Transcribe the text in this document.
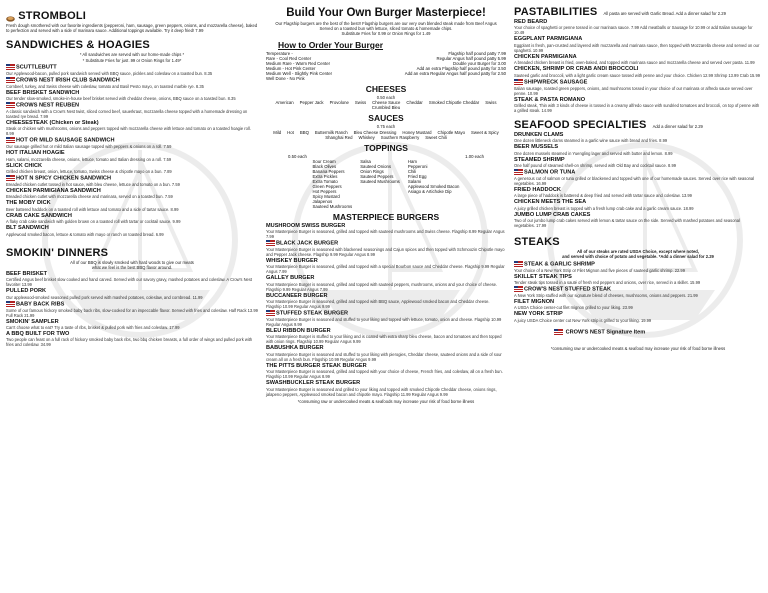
STROMBOLI
Fresh dough smothered with our favorite ingredients (pepperoni, ham, sausage, green peppers, onions, and mozzarella cheese), baked to perfection and served with a side of marinara sauce. Additional toppings available. Try it deep fried! 7.99
SANDWICHES & HOAGIES
* All sandwiches are served with our home-made chips *
* Substitute Fries for just .99 or Onion Rings for 1.49*
SCUTTLEBUTT
Our Applewood-bacon, pulled pork sandwich served with BBQ sauce, pickles and coleslaw on a toasted bun. 8.35
CROWS NEST IRISH CLUB SANDWICH
Cornbeef, turkey, and Swiss cheese with coleslaw, tomato and Basil Pesto mayo, on toasted marble rye. 8.35
BEEF BRISKET SANDWICH
Our tender slow-smoked, smoke-in-house beef brisket served with cheddar cheese, onions, BBQ sauce on a toasted bun. 8.35
CROWS NEST REUBEN
A classic sandwich with a Crow's Nest twist, sliced corned beef, sauerkraut, mozzarella cheese topped with a homemade dressing on toasted rye bread. 7.99
CHEESESTEAK (Chicken or Steak)
Steak or chicken with mushrooms, onions and peppers topped with mozzarella cheese with lettuce and tomato on a toasted hoagie roll. 8.99
HOT OR MILD SAUSAGE SANDWICH
Our sausage grilled hot or mild Italian sausage topped with peppers & onions on a roll. 7.59
HOT ITALIAN HOAGIE
Ham, salami, mozzarella cheese, onions, lettuce, tomato and Italian dressing on a roll. 7.59
SLICK CHICK
Grilled chicken breast, onion, lettuce, tomato, Swiss cheese & chipotle mayo on a bun. 7.89
HOT N SPICY CHICKEN SANDWICH
Breaded chicken cutlet tossed in hot sauce, with bleu cheese, lettuce and tomato on a bun. 7.59
CHICKEN PARMIGIANA SANDWICH
Breaded chicken cutlet with mozzarella cheese and marinara, served on a toasted bun. 7.59
THE MOBY DICK
Beer battered haddock on a toasted roll with lettuce and tomato and a side of tartar sauce. 8.99
CRAB CAKE SANDWICH
A flaky crab cake sandwich with golden brown on a toasted roll with tartar or cocktail sauce. 9.99
BLT SANDWICH
Applewood smoked bacon, lettuce & tomato with mayo or ranch on toasted bread. 6.99
SMOKIN' DINNERS
All of our BBQ is slowly smoked with hard woods to give our meats
what we feel is the best BBQ flavor around.
BEEF BRISKET
Certified Angus beef brisket slow cooked and hand carved. Served with our savory gravy, mashed potatoes and coleslaw. A Crow's Nest favorite! 13.99
PULLED PORK
Our applewood-smoked seasoned pulled pork served with mashed potatoes, coleslaw, and cornbread. 11.99
BABY BACK RIBS
Some of our famous hickory smoked baby back ribs, slow-cooked for an impeccable flavor. Served with fries and coleslaw. Half Rack 13.99 Full Rack 21.99
SMOKIN' SAMPLER
Can't choose what to eat? Try a taste of ribs, brisket & pulled pork with fries and coleslaw. 17.99
A BBQ BUILT FOR TWO
Two people can feast on a full rack of hickory smoked baby back ribs, two bbq chicken breasts, a full order of wings and pulled pork with fries and coleslaw. 34.99
Build Your Own Burger Masterpiece!
Our Flagship burgers are the best of the best!! Flagship burgers are our very own blended steak made from Beef Angus
Served on a toasted bun with lettuce, sliced tomato & homemade chips.
Substitute Fries for 0.99 or Onion Rings for 1.49
How to Order Your Burger
Temperature -
Rare - Cool Red Center
Medium Rare - Warm Red Center
Medium - Hot Pink Center
Medium Well - Slightly Pink Center
Well Done - No Pink
Flagship half pound patty 7.99
Regular Angus half pound patty 5.99
Double your Burger for 3.00
Add an extra Flagship half pound patty for 3.50
Add an extra Regular Angus half pound patty for 2.50
CHEESES
0.50 each
American Pepper Jack Provolone Swiss Cheese Sauce Cheddar Smoked Chipotle Cheddar Swiss
Crumbled Bleu
SAUCES
0.75 each
Mild Hot BBQ Buttermilk Ranch Bleu Cheese Dressing Honey Mustard Chipotle Mayo Sweet & Spicy
Shanghai Red Whiskey Southern Raspberry Sweet Chili
TOPPINGS
0.50 each	1.00 each
Sour Cream
Black Olives
Banana Peppers
Extra Pickles
Extra Tomato
Green Peppers
Hot Peppers
Spicy Mustard
Jalapenos
Sauteed Mushrooms
Salsa
Sauteed Onions
Onion Rings
Sauteed Peppers
Sauteed Mushrooms
Ham
Pepperoni
Chili
Fried Egg
Salami
Applewood Smoked Bacon
Asiago & Artichoke Dip
MASTERPIECE BURGERS
MUSHROOM SWISS BURGER
Your Masterpiece Burger is seasoned, grilled and topped with sauteed mushrooms and Swiss cheese. Flagship 8.99 Regular Angus 7.99
BLACK JACK BURGER
Your Masterpiece Burger is seasoned with blackened seasonings and Cajun spices and then topped with Schmoozin Chipotle mayo and Pepper Jack cheese. Flagship 9.99 Regular Angus 8.99
WHISKEY BURGER
Your Masterpiece Burger is seasoned, grilled and topped with a special Bourbon sauce and Cheddar cheese. Flagship 9.99 Regular Angus 7.99
GALLEY BURGER
Your Masterpiece Burger is seasoned, grilled and topped with sauteed peppers, mushrooms, onions and your choice of cheese. Flagship 9.99 Regular Angus 7.99
BUCCANEER BURGER
Your Masterpiece Burger is seasoned, grilled and topped with BBQ sauce, Applewood smoked bacon and Cheddar cheese. Flagship 10.99 Regular Angus 9.99
STUFFED STEAK BURGER
Your Masterpiece Burger is seasoned and stuffed to your liking and topped with lettuce, tomato, onion and cheese. Flagship 10.99 Regular Angus 9.99
BLEU RIBBON BURGER
Your Masterpiece Burger is stuffed to your liking and is coated with extra sharp bleu cheese, bacon and tomatoes and then topped with onion rings. Flagship 10.99 Regular Angus 9.99
BABUSHKA BURGER
Your Masterpiece Burger is seasoned and stuffed to your liking with pierogies, Cheddar cheese, sauteed onions and a side of sour cream all on a fresh bun. Flagship 10.99 Regular Angus 9.99
THE PITTS BURGER STEAK BURGER
Your Masterpiece Burger is seasoned, grilled and topped with your choice of cheese, French fries, and coleslaw, all on a fresh bun. Flagship 10.99 Regular Angus 8.99
SWASHBUCKLER STEAK BURGER
Your Masterpiece Burger is seasoned and grilled to your liking and topped with smoked Chipotle Cheddar cheese, onions rings, jalapeno peppers, Applewood smoked bacon and chipotle mayo. Flagship 11.99 Regular Angus 9.99
*consuming raw or undercooked meats & seafoods may increase your risk of food borne illness
PASTABILITIES All pasta are served with Garlic Bread. Add a dinner salad for 2.29
RED BEARD
Your choice of spaghetti or penne tossed in our marinara sauce. 7.99 Add meatballs or Sausage for 10.99 or add Italian sausage for 10.49
EGGPLANT PARMIGIANA
Eggplant is fresh, pan-crusted and layered with mozzarella and marinara sauce, then topped with Mozzarella cheese and served on our spaghetti. 10.99
CHICKEN PARMIGIANA
A breaded chicken breast is fried, oven-baked, and topped with marinara sauce and mozzarella cheese and served over pasta. 11.99
CHICKEN, SHRIMP OR CRAB ANDI BROCCOLI
Sauteed garlic and broccoli, with a light garlic cream sauce tossed with penne and your choice. Chicken 12.99 Shrimp 13.99 Crab 15.99
SHIPWRECK SAUSAGE
Italian sausage, roasted green peppers, onions, and mushrooms tossed in your choice of our marinara or alfredo sauce served over penne. 10.99
STEAK & PASTA ROMANO
Grilled steak, Thin with 3 kinds of cheese is tossed in a creamy alfredo sauce with sundried tomatoes and broccoli, on top of penne with a grilled steak. 14.99
SEAFOOD SPECIALTIES Add a dinner salad for 2.29
DRUNKEN CLAMS
One dozen littleneck clams steamed in a garlic wine sauce with bread and fries. 8.99
BEER MUSSELS
One dozen mussels steamed in Yuengling lager and served with butter and lemon. 8.99
STEAMED SHRIMP
One half pound of steamed shell-on shrimp, served with Old Bay and cocktail sauce. 8.99
SALMON OR TUNA
A generous cut of salmon or tuna grilled or blackened and topped with one of our homemade sauces. Served over rice with seasonal vegetables. 16.99
FRIED HADDOCK
A large piece of haddock is battered & deep fried and served with tartar sauce and coleslaw. 13.99
CHICKEN MEETS THE SEA
A juicy grilled chicken breast is topped with a fresh lump crab cake and a garlic cream sauce. 18.99
JUMBO LUMP CRAB CAKES
Two of our jumbo lump crab cakes served with lemon & tartar sauce on the side. Served with mashed potatoes and seasonal vegetables. 17.99
STEAKS
All of our steaks are rated USDA Choice, except where noted,
and served with choice of potato and vegetable. *Add a dinner salad for 2.29
STEAK & GARLIC SHRIMP
Your choice of a New York Strip or Filet Mignon and five pieces of sauteed garlic shrimp. 22.99
SKILLET STEAK TIPS
Tender steak tips tossed in a sauté of fresh red peppers and onions, over rice, served in a skillet. 15.99
CROW'S NEST STUFFED STEAK
A New York Strip stuffed with our signature blend of cheeses, mushrooms, onions and peppers. 21.99
FILET MIGNON
A USDA Choice center-cut filet mignon grilled to your liking. 23.99
NEW YORK STRIP
A juicy USDA Choice center cut New York strip is grilled to your liking. 19.99
CROW'S NEST Signature Item
*consuming raw or undercooked meats & seafood may increase your risk of food borne illness
